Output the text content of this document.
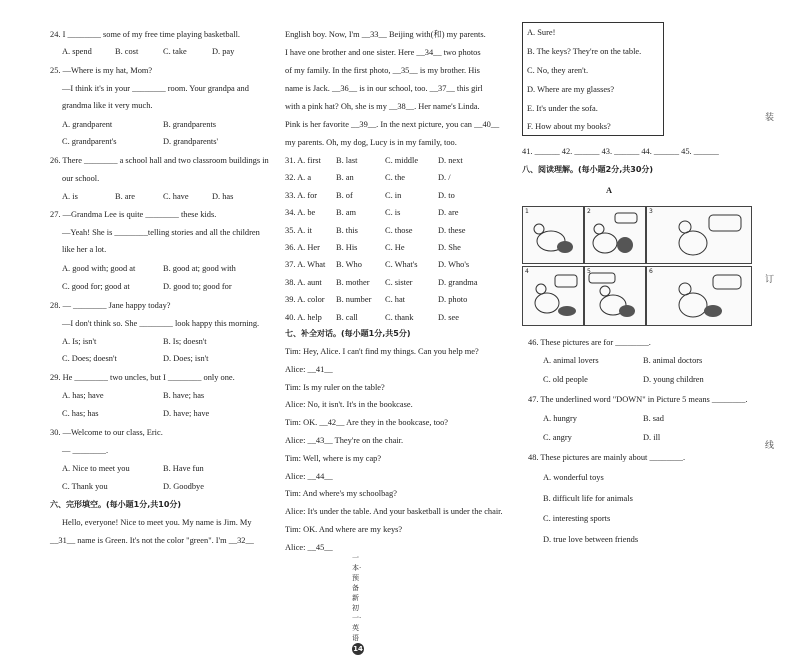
24. I ________ some of my free time playing basketball.
A. spend	B. cost	C. take	D. pay
25. —Where is my hat, Mom?
—I think it's in your ________ room. Your grandpa and
grandma like it very much.
A. grandparent	B. grandparents
C. grandparent's	D. grandparents'
26. There ________ a school hall and two classroom buildings in
our school.
A. is	B. are	C. have	D. has
27. —Grandma Lee is quite ________ these kids.
—Yeah! She is ________telling stories and all the children
like her a lot.
A. good with; good at	B. good at; good with
C. good for; good at	D. good to; good for
28. — ________ Jane happy today?
—I don't think so. She ________ look happy this morning.
A. Is; isn't	B. Is; doesn't
C. Does; doesn't	D. Does; isn't
29. He ________ two uncles, but I ________ only one.
A. has; have	B. have; has
C. has; has	D. have; have
30. —Welcome to our class, Eric.
— ________.
A. Nice to meet you	B. Have fun
C. Thank you	D. Goodbye
六、完形填空。(每小题1分,共10分)
Hello, everyone! Nice to meet you. My name is Jim. My
__31__ name is Green. It's not the color "green". I'm __32__
English boy. Now, I'm __33__ Beijing with(和) my parents.
I have one brother and one sister. Here __34__ two photos
of my family. In the first photo, __35__ is my brother. His
name is Jack. __36__ is in our school, too. __37__ this girl
with a pink hat? Oh, she is my __38__. Her name's Linda.
Pink is her favorite __39__. In the next picture, you can __40__
my parents. Oh, my dog, Lucy is in my family, too.
31. A. first B. last	C. middle D. next
32. A. a	B. an	C. the	D. /
33. A. for B. of	C. in	D. to
34. A. be B. am	C. is	D. are
35. A. it	B. this	C. those	D. these
36. A. Her B. His	C. He	D. She
37. A. What B. Who	C. What's D. Who's
38. A. aunt B. mother C. sister	D. grandma
39. A. color B. number C. hat	D. photo
40. A. help B. call	C. thank	D. see
七、补全对话。(每小题1分,共5分)
Tim: Hey, Alice. I can't find my things. Can you help me?
Alice: __41__
Tim: Is my ruler on the table?
Alice: No, it isn't. It's in the bookcase.
Tim: OK. __42__ Are they in the bookcase, too?
Alice: __43__ They're on the chair.
Tim: Well, where is my cap?
Alice: __44__
Tim: And where's my schoolbag?
Alice: It's under the table. And your basketball is under the chair.
Tim: OK. And where are my keys?
Alice: __45__
一本·预备新初一·英语 14
A. Sure!
B. The keys? They're on the table.
C. No, they aren't.
D. Where are my glasses?
E. It's under the sofa.
F. How about my books?
41. ______ 42. ______ 43. ______ 44. ______ 45. ______
八、阅读理解。(每小题2分,共30分)
A
1	2	3
4	5	6
46. These pictures are for ________.
A. animal lovers	B. animal doctors
C. old people	D. young children
47. The underlined word "DOWN" in Picture 5 means ________.
A. hungry	B. sad
C. angry	D. ill
48. These pictures are mainly about ________.
A. wonderful toys
B. difficult life for animals
C. interesting sports
D. true love between friends
装
订
线
